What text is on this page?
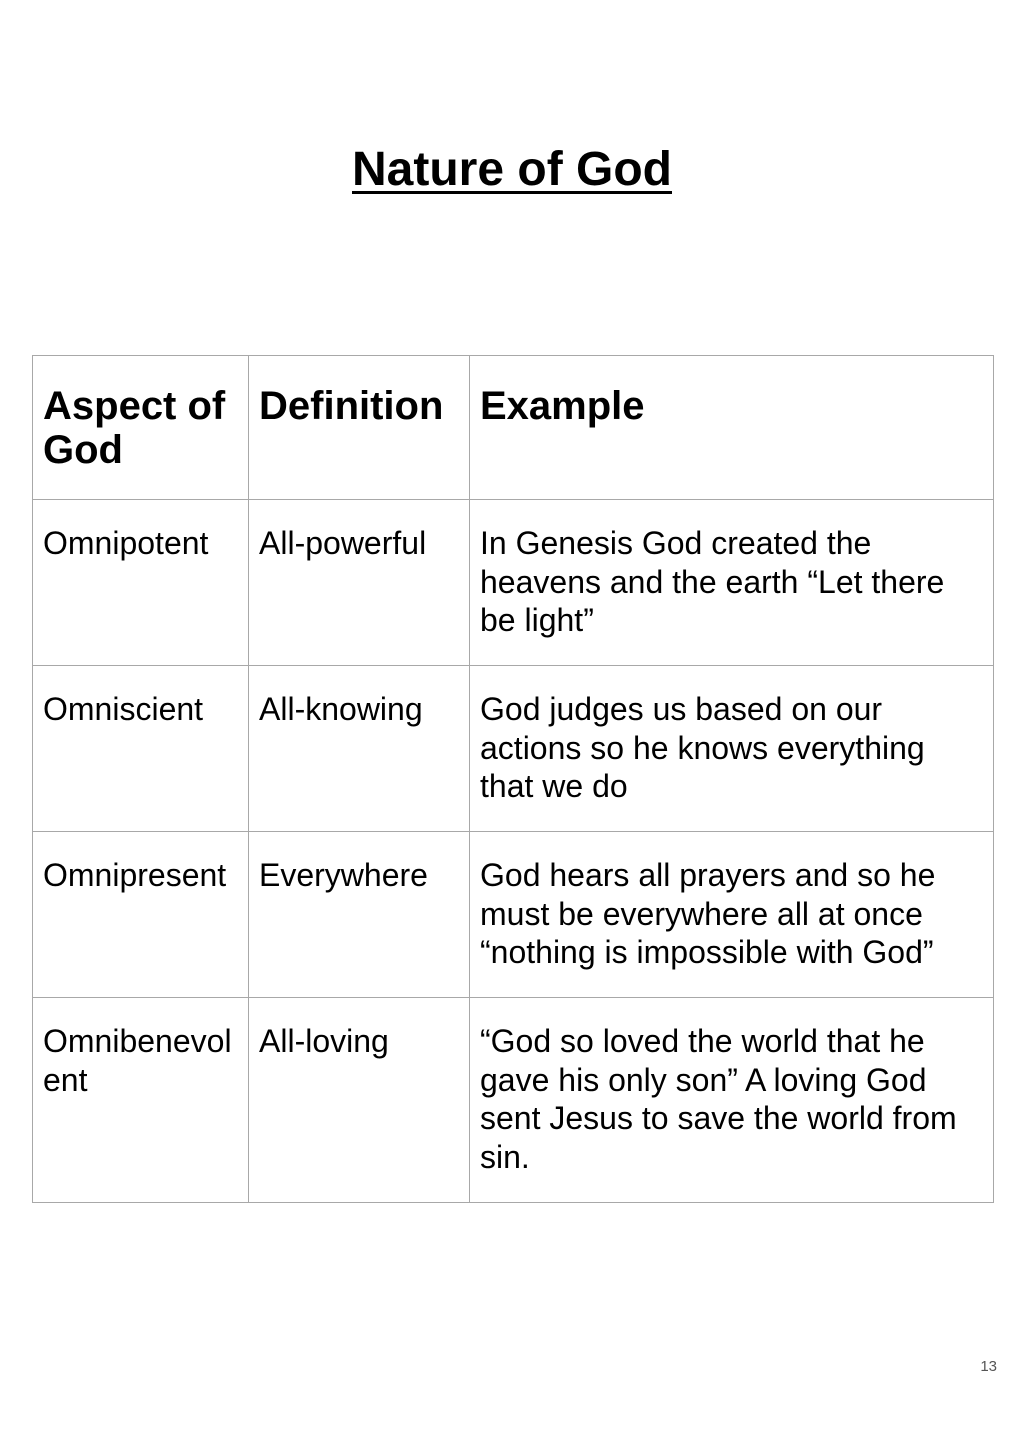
Nature of God
Aspect of God	Definition	Example
Omnipotent	All-powerful	In Genesis God created the heavens and the earth “Let there be light”
Omniscient	All-knowing	God judges us based on our actions so he knows everything that we do
Omnipresent	Everywhere	God hears all prayers and so he must be everywhere all at once “nothing is impossible with God”
Omnibenevolent	All-loving	“God so loved the world that he gave his only son” A loving God sent Jesus to save the world from sin.
13
